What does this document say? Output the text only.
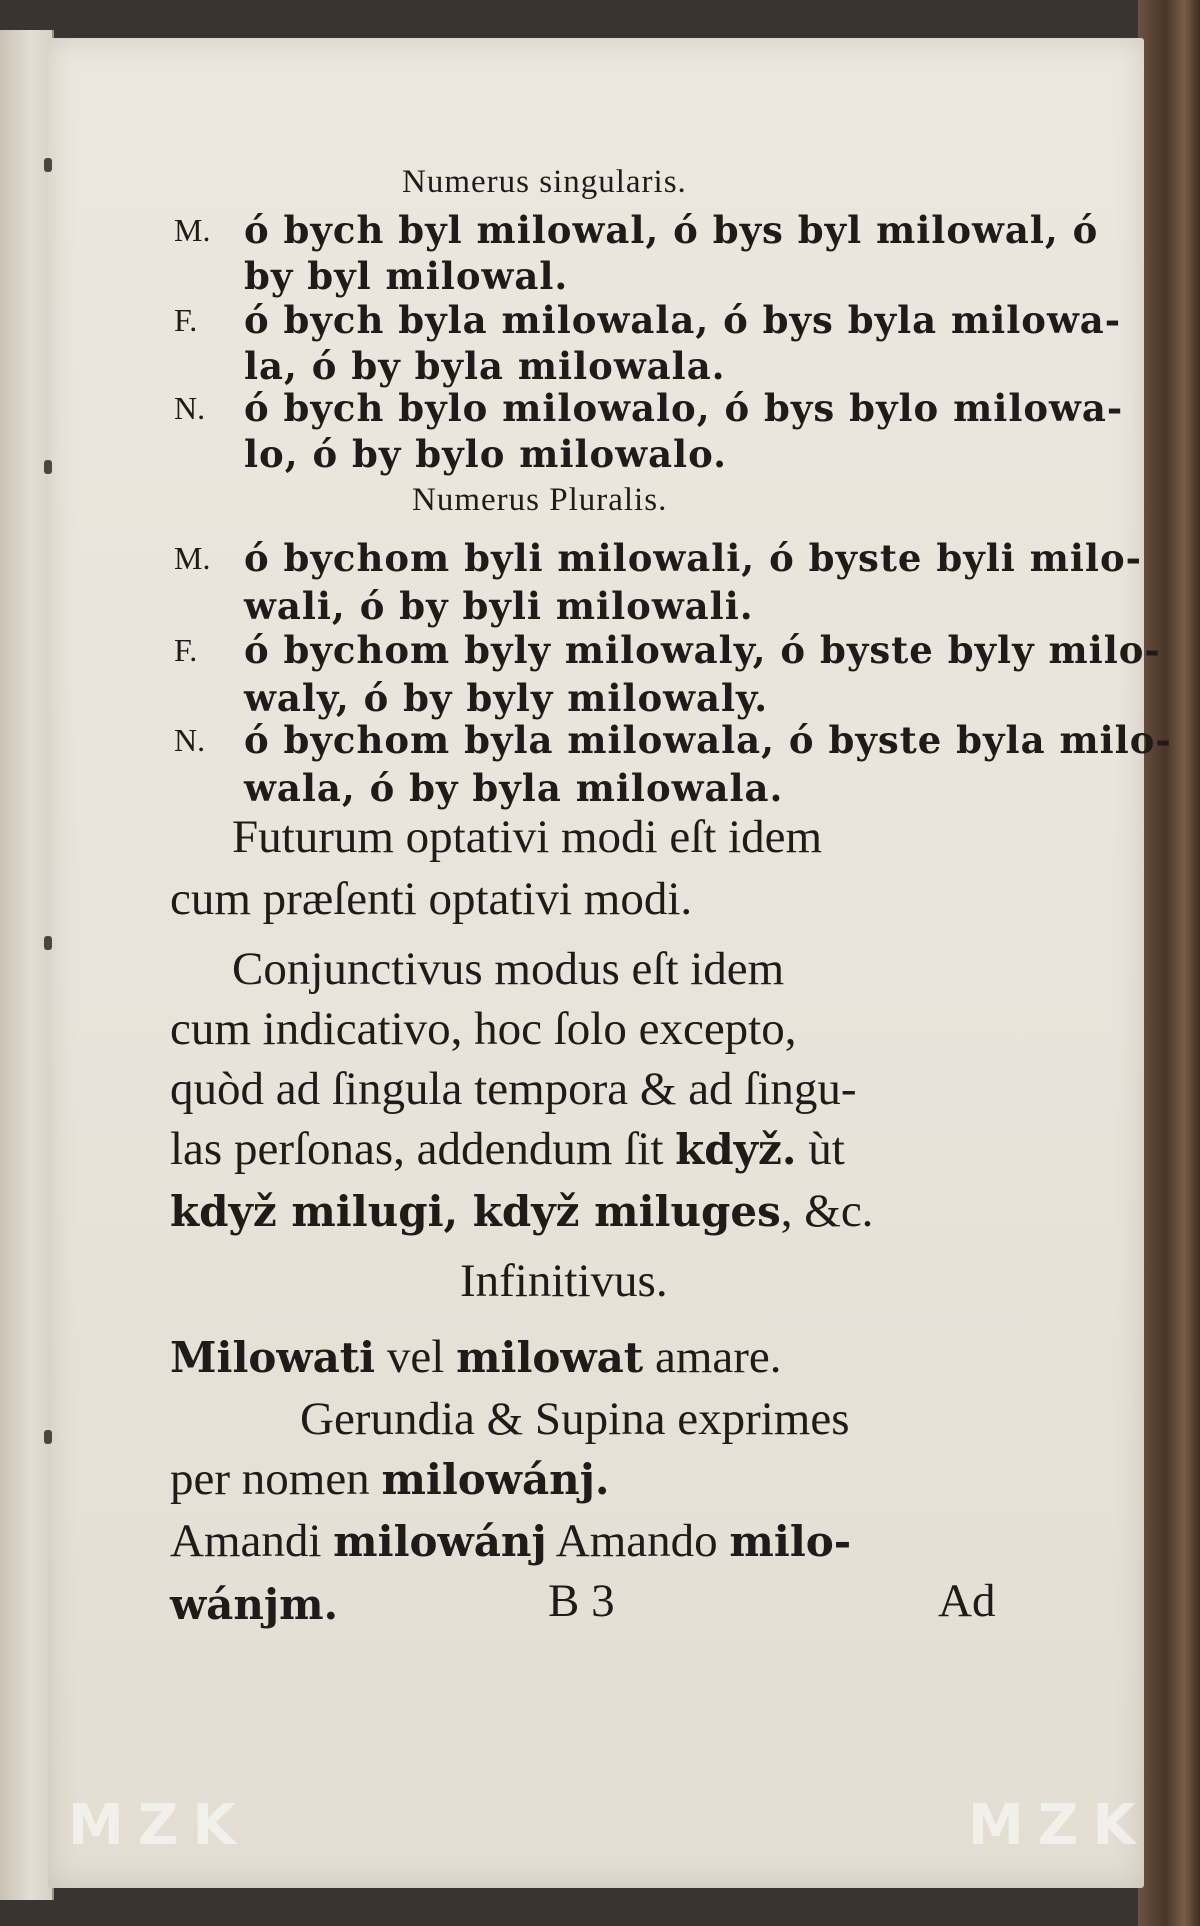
Numerus singularis.
M. ó bych byl milowal, ó bys byl milowal, ó
by byl milowal.
F. ó bych byla milowala, ó bys byla milowa-
la, ó by byla milowala.
N. ó bych bylo milowalo, ó bys bylo milowa-
lo, ó by bylo milowalo.
Numerus Pluralis.
M. ó bychom byli milowali, ó byste byli milo-
wali, ó by byli milowali.
F. ó bychom byly milowaly, ó byste byly milo-
waly, ó by byly milowaly.
N. ó bychom byla milowala, ó byste byla milo-
wala, ó by byla milowala.
Futurum optativi modi eſt idem
cum præſenti optativi modi.
Conjunctivus modus eſt idem
cum indicativo, hoc ſolo excepto,
quòd ad ſingula tempora & ad ſingu-
las perſonas, addendum ſit když. ùt
když milugi, když miluges, &c.
Infinitivus.
Milowati vel milowat amare.
Gerundia & Supina exprimes
per nomen milowánj.
Amandi milowánj Amando milo-
wánjm.	B 3	Ad
MZK	MZK
